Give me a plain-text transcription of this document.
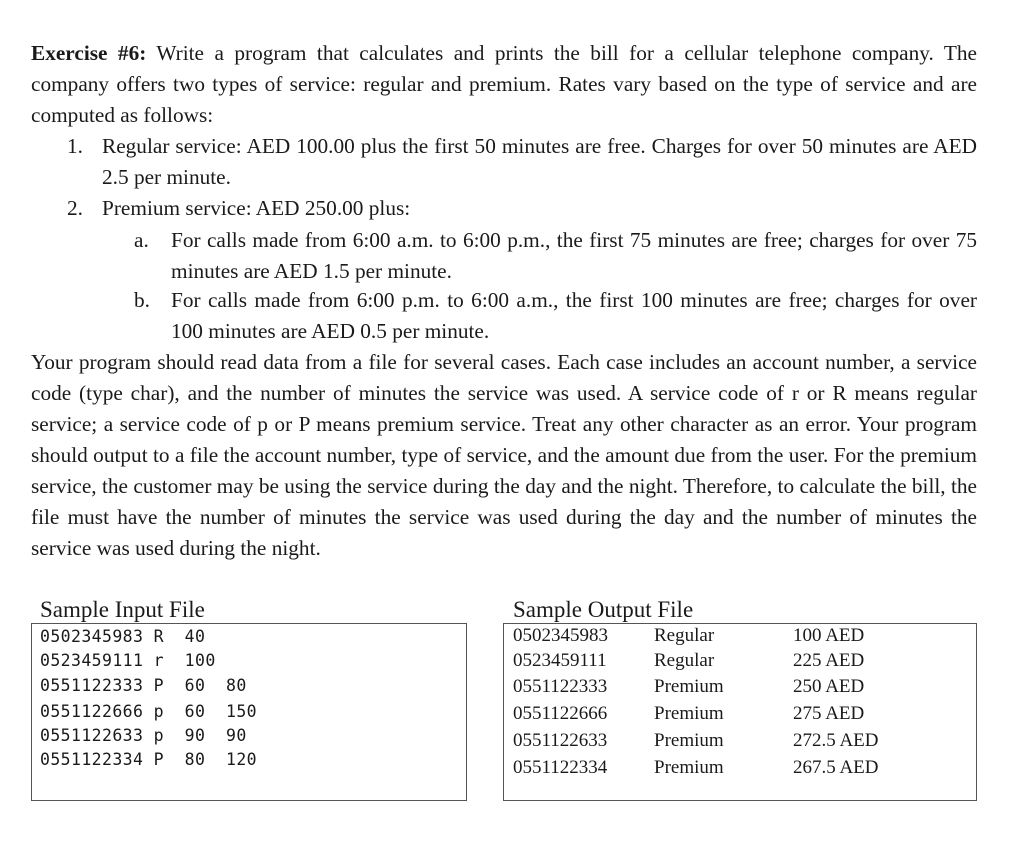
Exercise #6: Write a program that calculates and prints the bill for a cellular telephone company. The company offers two types of service: regular and premium. Rates vary based on the type of service and are computed as follows:

1. Regular service: AED 100.00 plus the first 50 minutes are free. Charges for over 50 minutes are AED 2.5 per minute.

2. Premium service: AED 250.00 plus:

a. For calls made from 6:00 a.m. to 6:00 p.m., the first 75 minutes are free; charges for over 75 minutes are AED 1.5 per minute.

b. For calls made from 6:00 p.m. to 6:00 a.m., the first 100 minutes are free; charges for over 100 minutes are AED 0.5 per minute.

Your program should read data from a file for several cases. Each case includes an account number, a service code (type char), and the number of minutes the service was used. A service code of r or R means regular service; a service code of p or P means premium service. Treat any other character as an error. Your program should output to a file the account number, type of service, and the amount due from the user. For the premium service, the customer may be using the service during the day and the night. Therefore, to calculate the bill, the file must have the number of minutes the service was used during the day and the number of minutes the service was used during the night.

Sample Input File
0502345983 R  40
0523459111 r  100
0551122333 P  60  80
0551122666 p  60  150
0551122633 p  90  90
0551122334 P  80  120
Sample Output File
0502345983 Regular	100 AED
0523459111 Regular	225 AED
0551122333 Premium	250 AED
0551122666 Premium	275 AED
0551122633 Premium	272.5 AED
0551122334 Premium	267.5 AED
